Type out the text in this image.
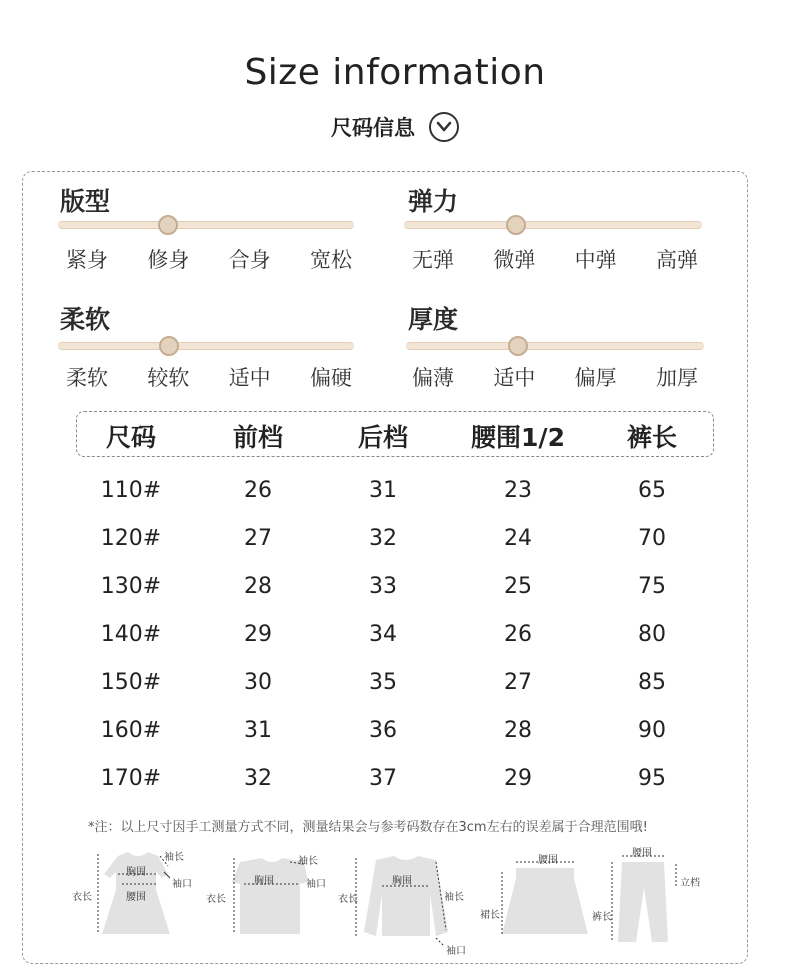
Size information
尺码信息
版型
紧身 修身 合身 宽松
弹力
无弹 微弹 中弹 高弹
柔软
柔软 较软 适中 偏硬
厚度
偏薄 适中 偏厚 加厚
尺码	前档	后档	腰围1/2 裤长
110#	26	31	23	65
120#	27	32	24	70
130#	28	33	25	75
140#	29	34	26	80
150#	30	35	27	85
160#	31	36	28	90
170#	32	37	29	95
*注：以上尺寸因手工测量方式不同，测量结果会与参考码数存在3cm左右的误差属于合理范围哦!
衣长
胸围
袖长
袖口
腰围	衣长
胸围
袖长
袖口
衣长
胸围
袖长
袖口
腰围
裙长
腰围
立档
裤长
